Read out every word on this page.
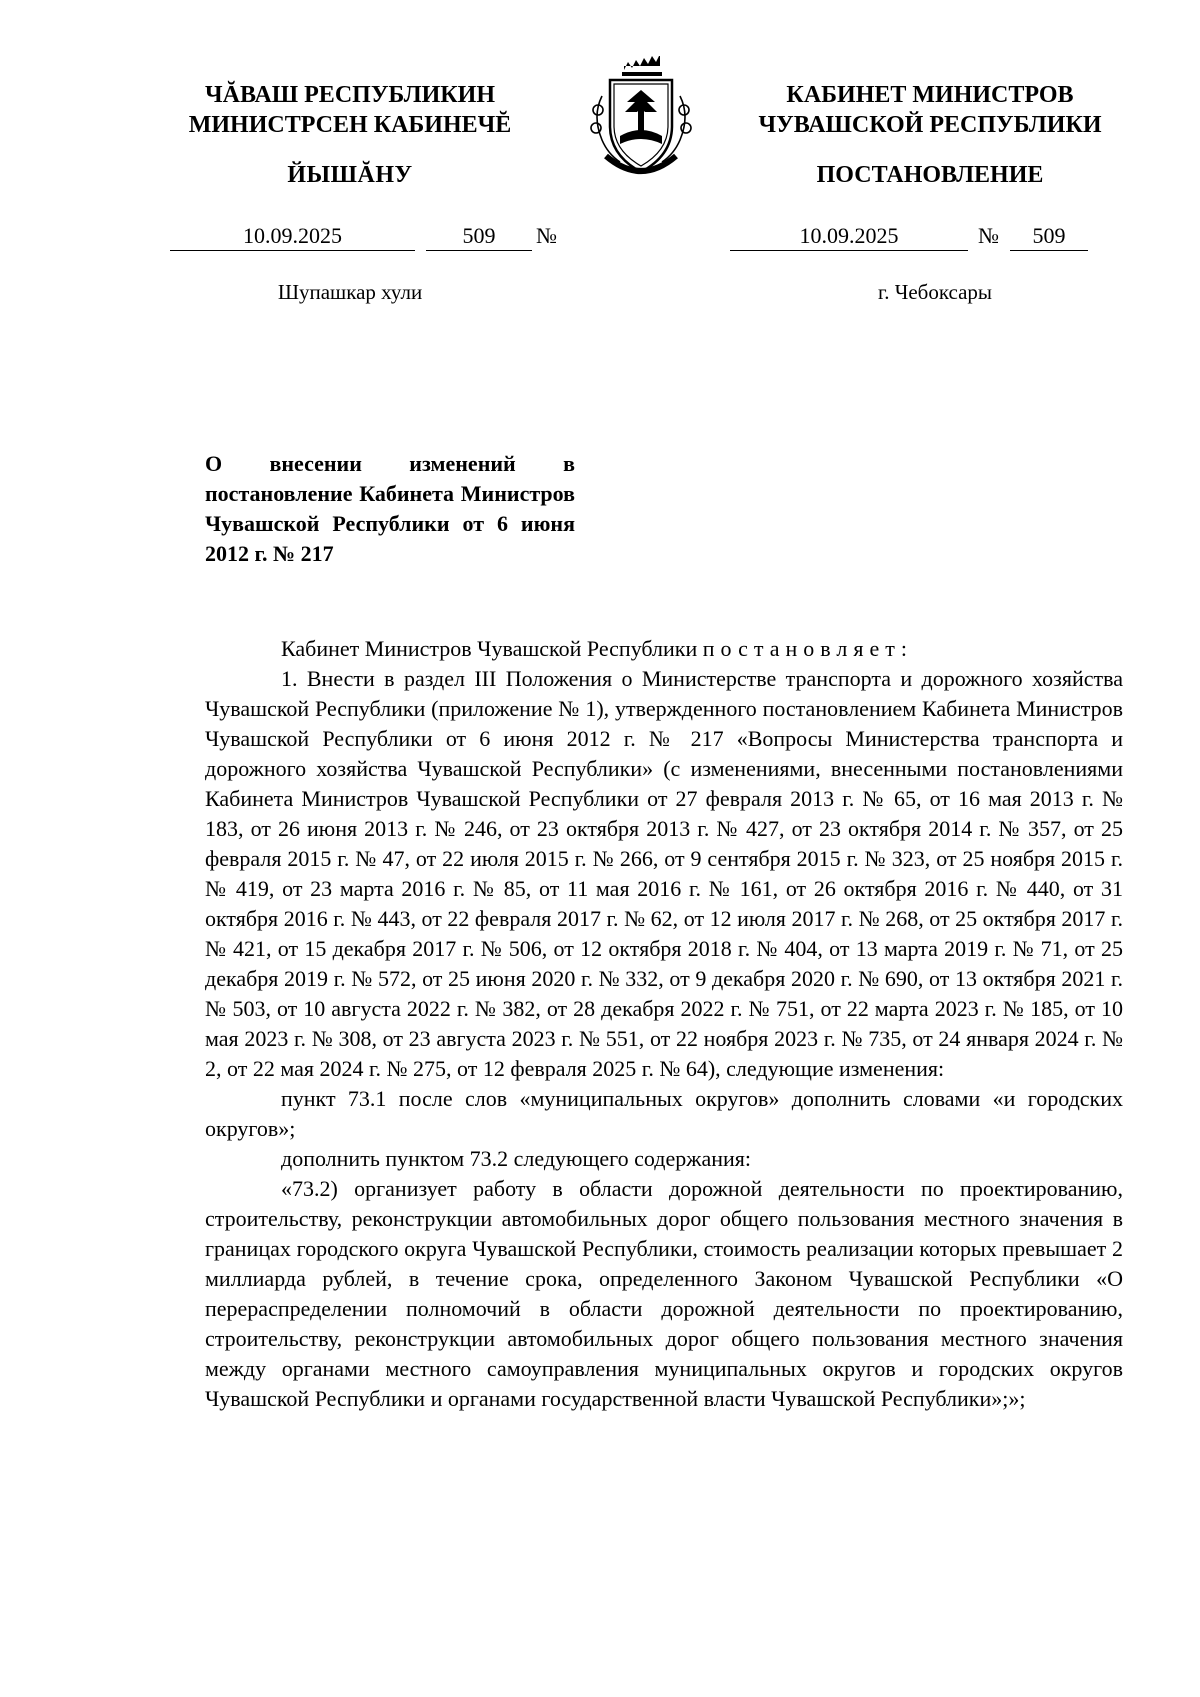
ЧĂВАШ РЕСПУБЛИКИН
МИНИСТРСЕН КАБИНЕЧĔ
ЙЫШĂНУ
КАБИНЕТ МИНИСТРОВ
ЧУВАШСКОЙ РЕСПУБЛИКИ
ПОСТАНОВЛЕНИЕ
10.09.2025	509	№	10.09.2025	№	509
Шупашкар хули	г. Чебоксары
О внесении изменений в постановление Кабинета Министров Чувашской Республики от 6 июня 2012 г. № 217

Кабинет Министров Чувашской Республики постановляет:

1. Внести в раздел III Положения о Министерстве транспорта и дорожного хозяйства Чувашской Республики (приложение № 1), утвержденного постановлением Кабинета Министров Чувашской Республики от 6 июня 2012 г. № 217 «Вопросы Министерства транспорта и дорожного хозяйства Чувашской Республики» (с изменениями, внесенными постановлениями Кабинета Министров Чувашской Республики от 27 февраля 2013 г. № 65, от 16 мая 2013 г. № 183, от 26 июня 2013 г. № 246, от 23 октября 2013 г. № 427, от 23 октября 2014 г. № 357, от 25 февраля 2015 г. № 47, от 22 июля 2015 г. № 266, от 9 сентября 2015 г. № 323, от 25 ноября 2015 г. № 419, от 23 марта 2016 г. № 85, от 11 мая 2016 г. № 161, от 26 октября 2016 г. № 440, от 31 октября 2016 г. № 443, от 22 февраля 2017 г. № 62, от 12 июля 2017 г. № 268, от 25 октября 2017 г. № 421, от 15 декабря 2017 г. № 506, от 12 октября 2018 г. № 404, от 13 марта 2019 г. № 71, от 25 декабря 2019 г. № 572, от 25 июня 2020 г. № 332, от 9 декабря 2020 г. № 690, от 13 октября 2021 г. № 503, от 10 августа 2022 г. № 382, от 28 декабря 2022 г. № 751, от 22 марта 2023 г. № 185, от 10 мая 2023 г. № 308, от 23 августа 2023 г. № 551, от 22 ноября 2023 г. № 735, от 24 января 2024 г. № 2, от 22 мая 2024 г. № 275, от 12 февраля 2025 г. № 64), следующие изменения:

пункт 73.1 после слов «муниципальных округов» дополнить словами «и городских округов»;

дополнить пунктом 73.2 следующего содержания:

«73.2) организует работу в области дорожной деятельности по проектированию, строительству, реконструкции автомобильных дорог общего пользования местного значения в границах городского округа Чувашской Республики, стоимость реализации которых превышает 2 миллиарда рублей, в течение срока, определенного Законом Чувашской Республики «О перераспределении полномочий в области дорожной деятельности по проектированию, строительству, реконструкции автомобильных дорог общего пользования местного значения между органами местного самоуправления муниципальных округов и городских округов Чувашской Республики и органами государственной власти Чувашской Республики»;»;
